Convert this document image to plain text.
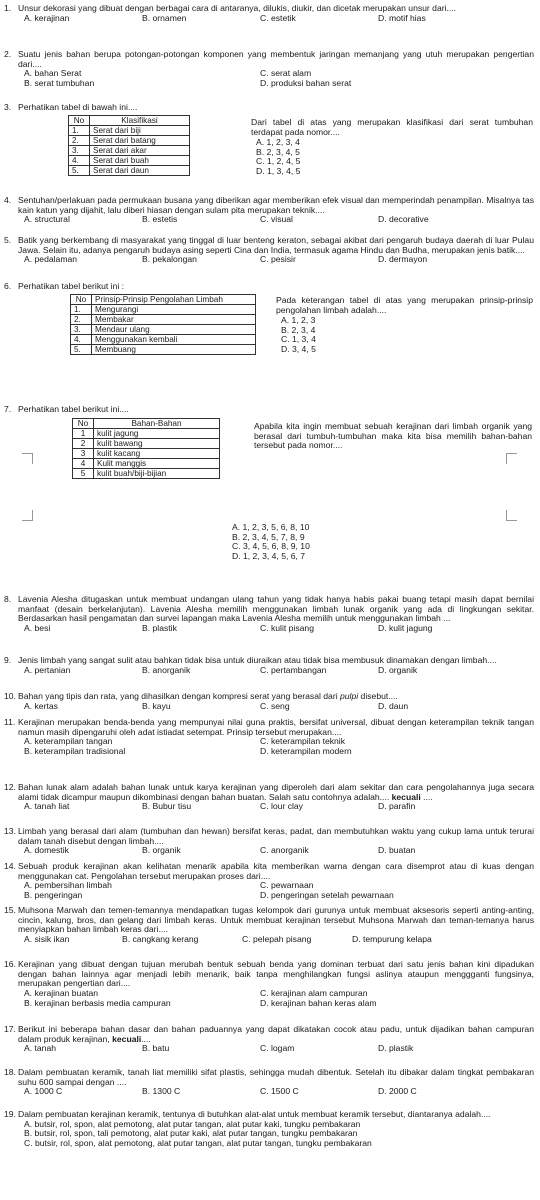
1. Unsur dekorasi yang dibuat dengan berbagai cara di antaranya, dilukis, diukir, dan dicetak merupakan unsur dari....
A. kerajinan	B. ornamen	C. estetik	D. motif hias
2. Suatu jenis bahan berupa potongan-potongan komponen yang membentuk jaringan memanjang yang utuh merupakan pengertian dari....
A. bahan Serat	C. serat alam
B. serat tumbuhan	D. produksi bahan serat
3. Perhatikan tabel di bawah ini....
No	Klasifikasi
1.	Serat dari biji
2.	Serat dari batang
3.	Serat dari akar
4.	Serat dari buah
5.	Serat dari daun
Dari tabel di atas yang merupakan klasifikasi dari serat tumbuhan terdapat pada nomor....
A. 1, 2, 3, 4
B. 2, 3, 4, 5
C. 1, 2, 4, 5
D. 1, 3, 4, 5
4. Sentuhan/perlakuan pada permukaan busana yang diberikan agar memberikan efek visual dan memperindah penampilan. Misalnya tas kain katun yang dijahit, lalu diberi hiasan dengan sulam pita merupakan teknik....
A. structural	B. estetis	C. visual	D. decorative
5. Batik yang berkembang di masyarakat yang tinggal di luar benteng keraton, sebagai akibat dari pengaruh budaya daerah di luar Pulau Jawa. Selain itu, adanya pengaruh budaya asing seperti Cina dan India, termasuk agama Hindu dan Budha, merupakan jenis batik....
A. pedalaman	B. pekalongan	C. pesisir	D. dermayon
6. Perhatikan tabel berikut ini :
No	Prinsip-Prinsip Pengolahan Limbah
1.	Mengurangi
2.	Membakar
3.	Mendaur ulang
4.	Menggunakan kembali
5.	Membuang
Pada keterangan tabel di atas yang merupakan prinsip-prinsip pengolahan limbah adalah....
A. 1, 2, 3
B. 2, 3, 4
C. 1, 3, 4
D. 3, 4, 5
7. Perhatikan tabel berikut ini....
No	Bahan-Bahan
1	kulit jagung
2	kulit bawang
3	kulit kacang
4	Kulit manggis
5	kulit buah/biji-bijian
Apabila kita ingin membuat sebuah kerajinan dari limbah organik yang berasal dari tumbuh-tumbuhan maka kita bisa memilih bahan-bahan tersebut pada nomor....
A. 1, 2, 3, 5, 6, 8, 10
B. 2, 3, 4, 5, 7, 8, 9
C. 3, 4, 5, 6, 8, 9, 10
D. 1, 2, 3, 4, 5, 6, 7
8. Lavenia Alesha ditugaskan untuk membuat undangan ulang tahun yang tidak hanya habis pakai buang tetapi masih dapat bernilai manfaat (desain berkelanjutan). Lavenia Alesha memilih menggunakan limbah lunak organik yang ada di lingkungan sekitar. Berdasarkan hasil pengamatan dan survei lapangan maka Lavenia Alesha memilih untuk menggunakan limbah ...
A. besi	B. plastik	C. kulit pisang	D. kulit jagung
9. Jenis limbah yang sangat sulit atau bahkan tidak bisa untuk diuraikan atau tidak bisa membusuk dinamakan dengan limbah....
A. pertanian	B. anorganik	C. pertambangan	D. organik
10. Bahan yang tipis dan rata, yang dihasilkan dengan kompresi serat yang berasal dari pulpi disebut....
A. kertas	B. kayu	C. seng	D. daun
11. Kerajinan merupakan benda-benda yang mempunyai nilai guna praktis, bersifat universal, dibuat dengan keterampilan teknik tangan namun masih dipengaruhi oleh adat istiadat setempat. Prinsip tersebut merupakan....
A. keterampilan tangan	C. keterampilan teknik
B. keterampilan tradisional	D. keterampilan modern
12. Bahan lunak alam adalah bahan lunak untuk karya kerajinan yang diperoleh dari alam sekitar dan cara pengolahannya juga secara alami tidak dicampur maupun dikombinasi dengan bahan buatan. Salah satu contohnya adalah.... kecuali ....
A. tanah liat	B. Bubur tisu	C. lour clay	D. parafin
13. Limbah yang berasal dari alam (tumbuhan dan hewan) bersifat keras, padat, dan membutuhkan waktu yang cukup lama untuk terurai dalam tanah disebut dengan limbah....
A. domestik	B. organik	C. anorganik	D. buatan
14. Sebuah produk kerajinan akan kelihatan menarik apabila kita memberikan warna dengan cara disemprot atau di kuas dengan menggunakan cat. Pengolahan tersebut merupakan proses dari....
A. pembersihan limbah	C. pewarnaan
B. pengeringan	D. pengeringan setelah pewarnaan
15. Muhsona Marwah dan temen-temannya mendapatkan tugas kelompok dari gurunya untuk membuat aksesoris seperti anting-anting, cincin, kalung, bros, dan gelang dari limbah keras. Untuk membuat kerajinan tersebut Muhsona Marwah dan teman-temanya harus menyiapkan bahan limbah keras dari....
A. sisik ikan	B. cangkang kerang	C. pelepah pisang	D. tempurung kelapa
16. Kerajinan yang dibuat dengan tujuan merubah bentuk sebuah benda yang dominan terbuat dari satu jenis bahan kini dipadukan dengan bahan lainnya agar menjadi lebih menarik, baik tanpa menghilangkan fungsi aslinya ataupun menggganti fungsinya, merupakan pengertian dari....
A. kerajinan buatan	C. kerajinan alam campuran
B. kerajinan berbasis media campuran	D. kerajinan bahan keras alam
17. Berikut ini beberapa bahan dasar dan bahan paduannya yang dapat dikatakan cocok atau padu, untuk dijadikan bahan campuran dalam produk kerajinan, kecuali....
A. tanah	B. batu	C. logam	D. plastik
18. Dalam pembuatan keramik, tanah liat memiliki sifat plastis, sehingga mudah dibentuk. Setelah itu dibakar dalam tingkat pembakaran suhu 600 sampai dengan ....
A. 1000 C	B. 1300 C	C. 1500 C	D. 2000 C
19. Dalam pembuatan kerajinan keramik, tentunya di butuhkan alat-alat untuk membuat keramik tersebut, diantaranya adalah....
A. butsir, rol, spon, alat pemotong, alat putar tangan, alat putar kaki, tungku pembakaran
B. butsir, rol, spon, tali pemotong, alat putar kaki, alat putar tangan, tungku pembakaran
C. butsir, rol, spon, alat pemotong, alat putar tangan, alat putar tangan, tungku pembakaran
